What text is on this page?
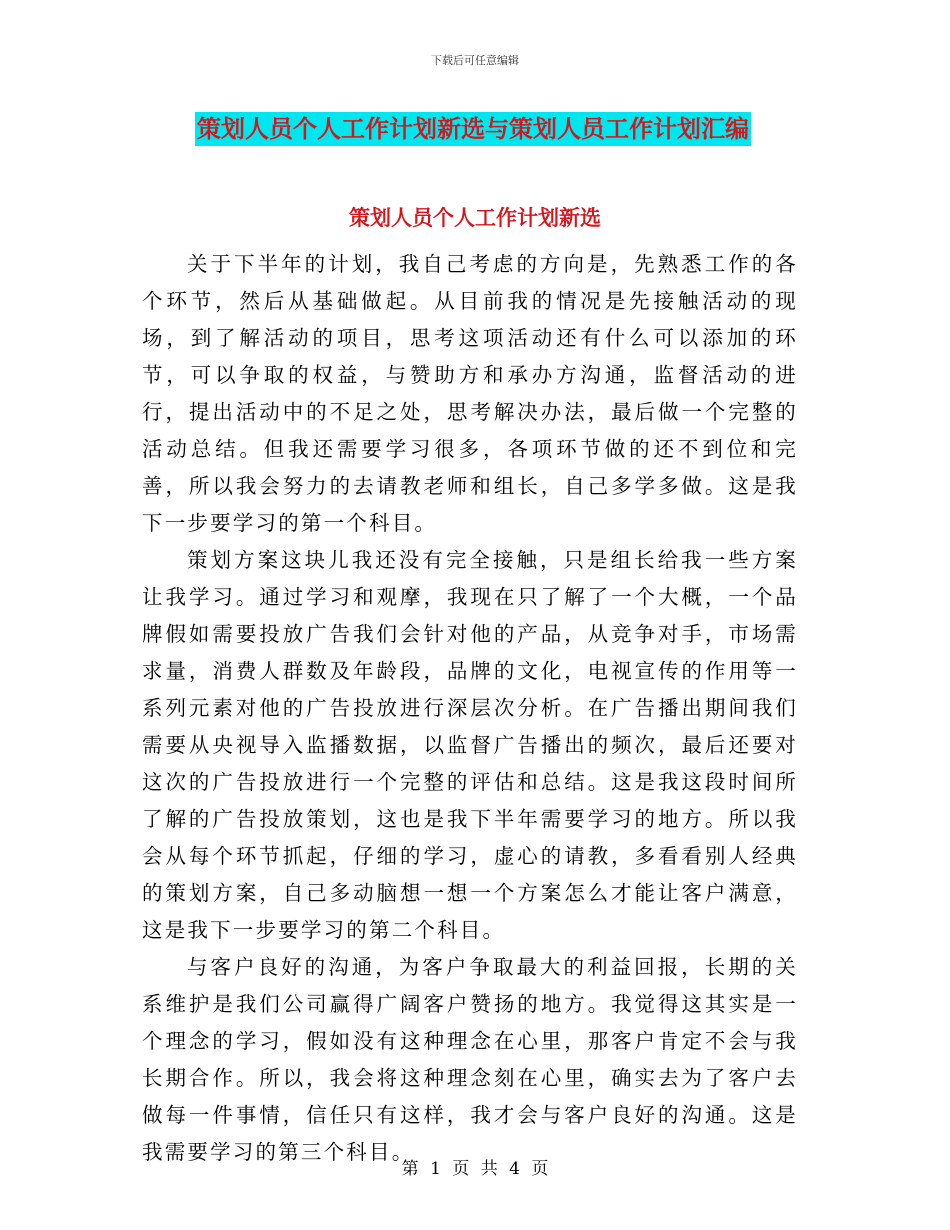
下载后可任意编辑
策划人员个人工作计划新选与策划人员工作计划汇编
策划人员个人工作计划新选

关于下半年的计划，我自己考虑的方向是，先熟悉工作的各个环节，然后从基础做起。从目前我的情况是先接触活动的现场，到了解活动的项目，思考这项活动还有什么可以添加的环节，可以争取的权益，与赞助方和承办方沟通，监督活动的进行，提出活动中的不足之处，思考解决办法，最后做一个完整的活动总结。但我还需要学习很多，各项环节做的还不到位和完善，所以我会努力的去请教老师和组长，自己多学多做。这是我下一步要学习的第一个科目。

策划方案这块儿我还没有完全接触，只是组长给我一些方案让我学习。通过学习和观摩，我现在只了解了一个大概，一个品牌假如需要投放广告我们会针对他的产品，从竞争对手，市场需求量，消费人群数及年龄段，品牌的文化，电视宣传的作用等一系列元素对他的广告投放进行深层次分析。在广告播出期间我们需要从央视导入监播数据，以监督广告播出的频次，最后还要对这次的广告投放进行一个完整的评估和总结。这是我这段时间所了解的广告投放策划，这也是我下半年需要学习的地方。所以我会从每个环节抓起，仔细的学习，虚心的请教，多看看别人经典的策划方案，自己多动脑想一想一个方案怎么才能让客户满意，这是我下一步要学习的第二个科目。

与客户良好的沟通，为客户争取最大的利益回报，长期的关系维护是我们公司赢得广阔客户赞扬的地方。我觉得这其实是一个理念的学习，假如没有这种理念在心里，那客户肯定不会与我长期合作。所以，我会将这种理念刻在心里，确实去为了客户去做每一件事情，信任只有这样，我才会与客户良好的沟通。这是我需要学习的第三个科目。

第 1 页 共 4 页
